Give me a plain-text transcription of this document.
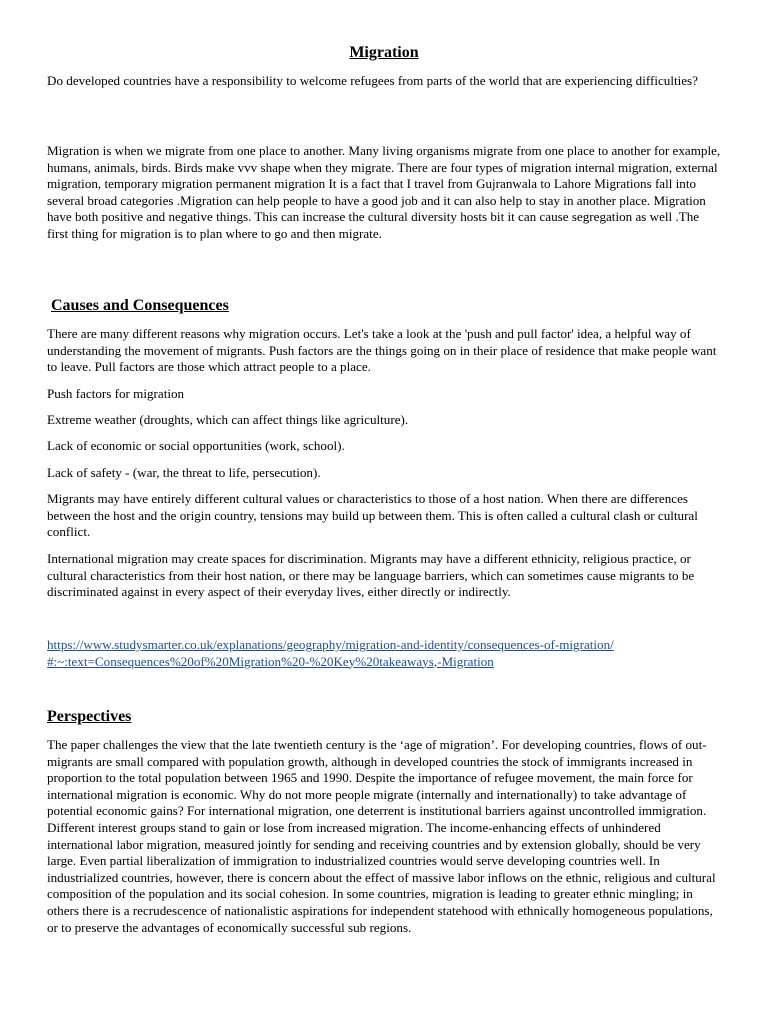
Migration

Do developed countries have a responsibility to welcome refugees from parts of the world that are experiencing difficulties?

Migration is when we migrate from one place to another. Many living organisms migrate from one place to another for example, humans, animals, birds. Birds make vvv shape when they migrate. There are four types of migration internal migration, external migration, temporary migration permanent migration It is a fact that I travel from Gujranwala to Lahore Migrations fall into several broad categories .Migration can help people to have a good job and it can also help to stay in another place. Migration have both positive and negative things. This can increase the cultural diversity hosts bit it can cause segregation as well .The first thing for migration is to plan where to go and then migrate.

Causes and Consequences

There are many different reasons why migration occurs. Let's take a look at the 'push and pull factor' idea, a helpful way of understanding the movement of migrants. Push factors are the things going on in their place of residence that make people want to leave. Pull factors are those which attract people to a place.

Push factors for migration

Extreme weather (droughts, which can affect things like agriculture).

Lack of economic or social opportunities (work, school).

Lack of safety - (war, the threat to life, persecution).

Migrants may have entirely different cultural values or characteristics to those of a host nation. When there are differences between the host and the origin country, tensions may build up between them. This is often called a cultural clash or cultural conflict.

International migration may create spaces for discrimination. Migrants may have a different ethnicity, religious practice, or cultural characteristics from their host nation, or there may be language barriers, which can sometimes cause migrants to be discriminated against in every aspect of their everyday lives, either directly or indirectly.

https://www.studysmarter.co.uk/explanations/geography/migration-and-identity/consequences-of-migration/
#:~:text=Consequences%20of%20Migration%20-%20Key%20takeaways,-Migration
Perspectives

The paper challenges the view that the late twentieth century is the ‘age of migration’. For developing countries, flows of out-migrants are small compared with population growth, although in developed countries the stock of immigrants increased in proportion to the total population between 1965 and 1990. Despite the importance of refugee movement, the main force for international migration is economic. Why do not more people migrate (internally and internationally) to take advantage of potential economic gains? For international migration, one deterrent is institutional barriers against uncontrolled immigration. Different interest groups stand to gain or lose from increased migration. The income-enhancing effects of unhindered international labor migration, measured jointly for sending and receiving countries and by extension globally, should be very large. Even partial liberalization of immigration to industrialized countries would serve developing countries well. In industrialized countries, however, there is concern about the effect of massive labor inflows on the ethnic, religious and cultural composition of the population and its social cohesion. In some countries, migration is leading to greater ethnic mingling; in others there is a recrudescence of nationalistic aspirations for independent statehood with ethnically homogeneous populations, or to preserve the advantages of economically successful sub regions.
